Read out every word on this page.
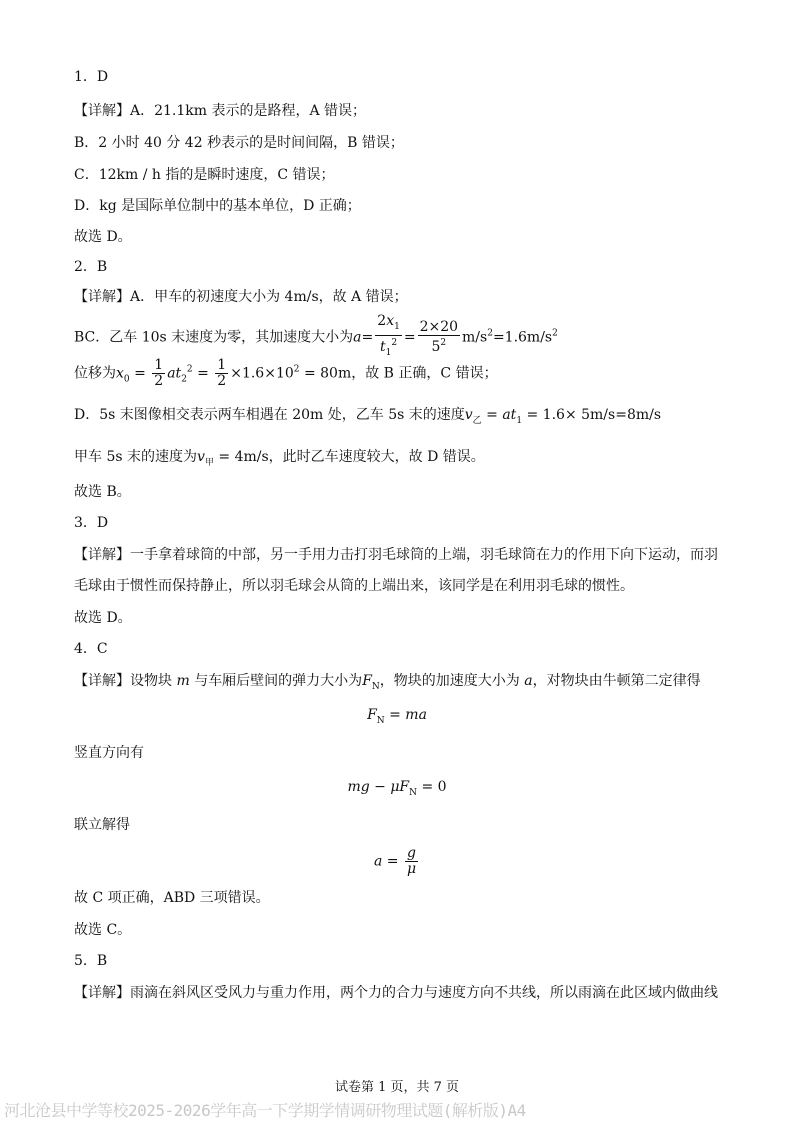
1．D
【详解】A．21.1km 表示的是路程，A 错误；
B．2 小时 40 分 42 秒表示的是时间间隔，B 错误；
C．12km / h 指的是瞬时速度，C 错误；
D．kg 是国际单位制中的基本单位，D 正确；
故选 D。
2．B
【详解】A．甲车的初速度大小为 4m/s，故 A 错误；
BC．乙车 10s 末速度为零，其加速度大小为$a= \frac{2x_1}{t_1^2} = \frac{2\times 20}{5^2} m/s^2=1.6m/s^2$
位移为$x_0 = \frac{1}{2} at_2^2 = \frac{1}{2} \times 1.6\times 10^2 = 80m$，故 B 正确，C 错误；
D．5s 末图像相交表示两车相遇在 20m 处，乙车 5s 末的速度$v_乙 = at_1 = 1.6\times 5m/s=8m/s$
甲车 5s 末的速度为$v_甲 = 4m/s$，此时乙车速度较大，故 D 错误。
故选 B。
3．D
【详解】一手拿着球筒的中部，另一手用力击打羽毛球筒的上端，羽毛球筒在力的作用下向下运动，而羽
毛球由于惯性而保持静止，所以羽毛球会从筒的上端出来，该同学是在利用羽毛球的惯性。
故选 D。
4．C
【详解】设物块 m 与车厢后壁间的弹力大小为$F_N$，物块的加速度大小为 a，对物块由牛顿第二定律得
$F_N$ = ma
竖直方向有
mg − $\mu F_N = 0$
联立解得
$a = \frac{g}{\mu}$
故 C 项正确，ABD 三项错误。
故选 C。
5．B
【详解】雨滴在斜风区受风力与重力作用，两个力的合力与速度方向不共线，所以雨滴在此区域内做曲线
试卷第 1 页，共 7 页
河北沧县中学等校2025-2026学年高一下学期学情调研物理试题(解析版)A4
